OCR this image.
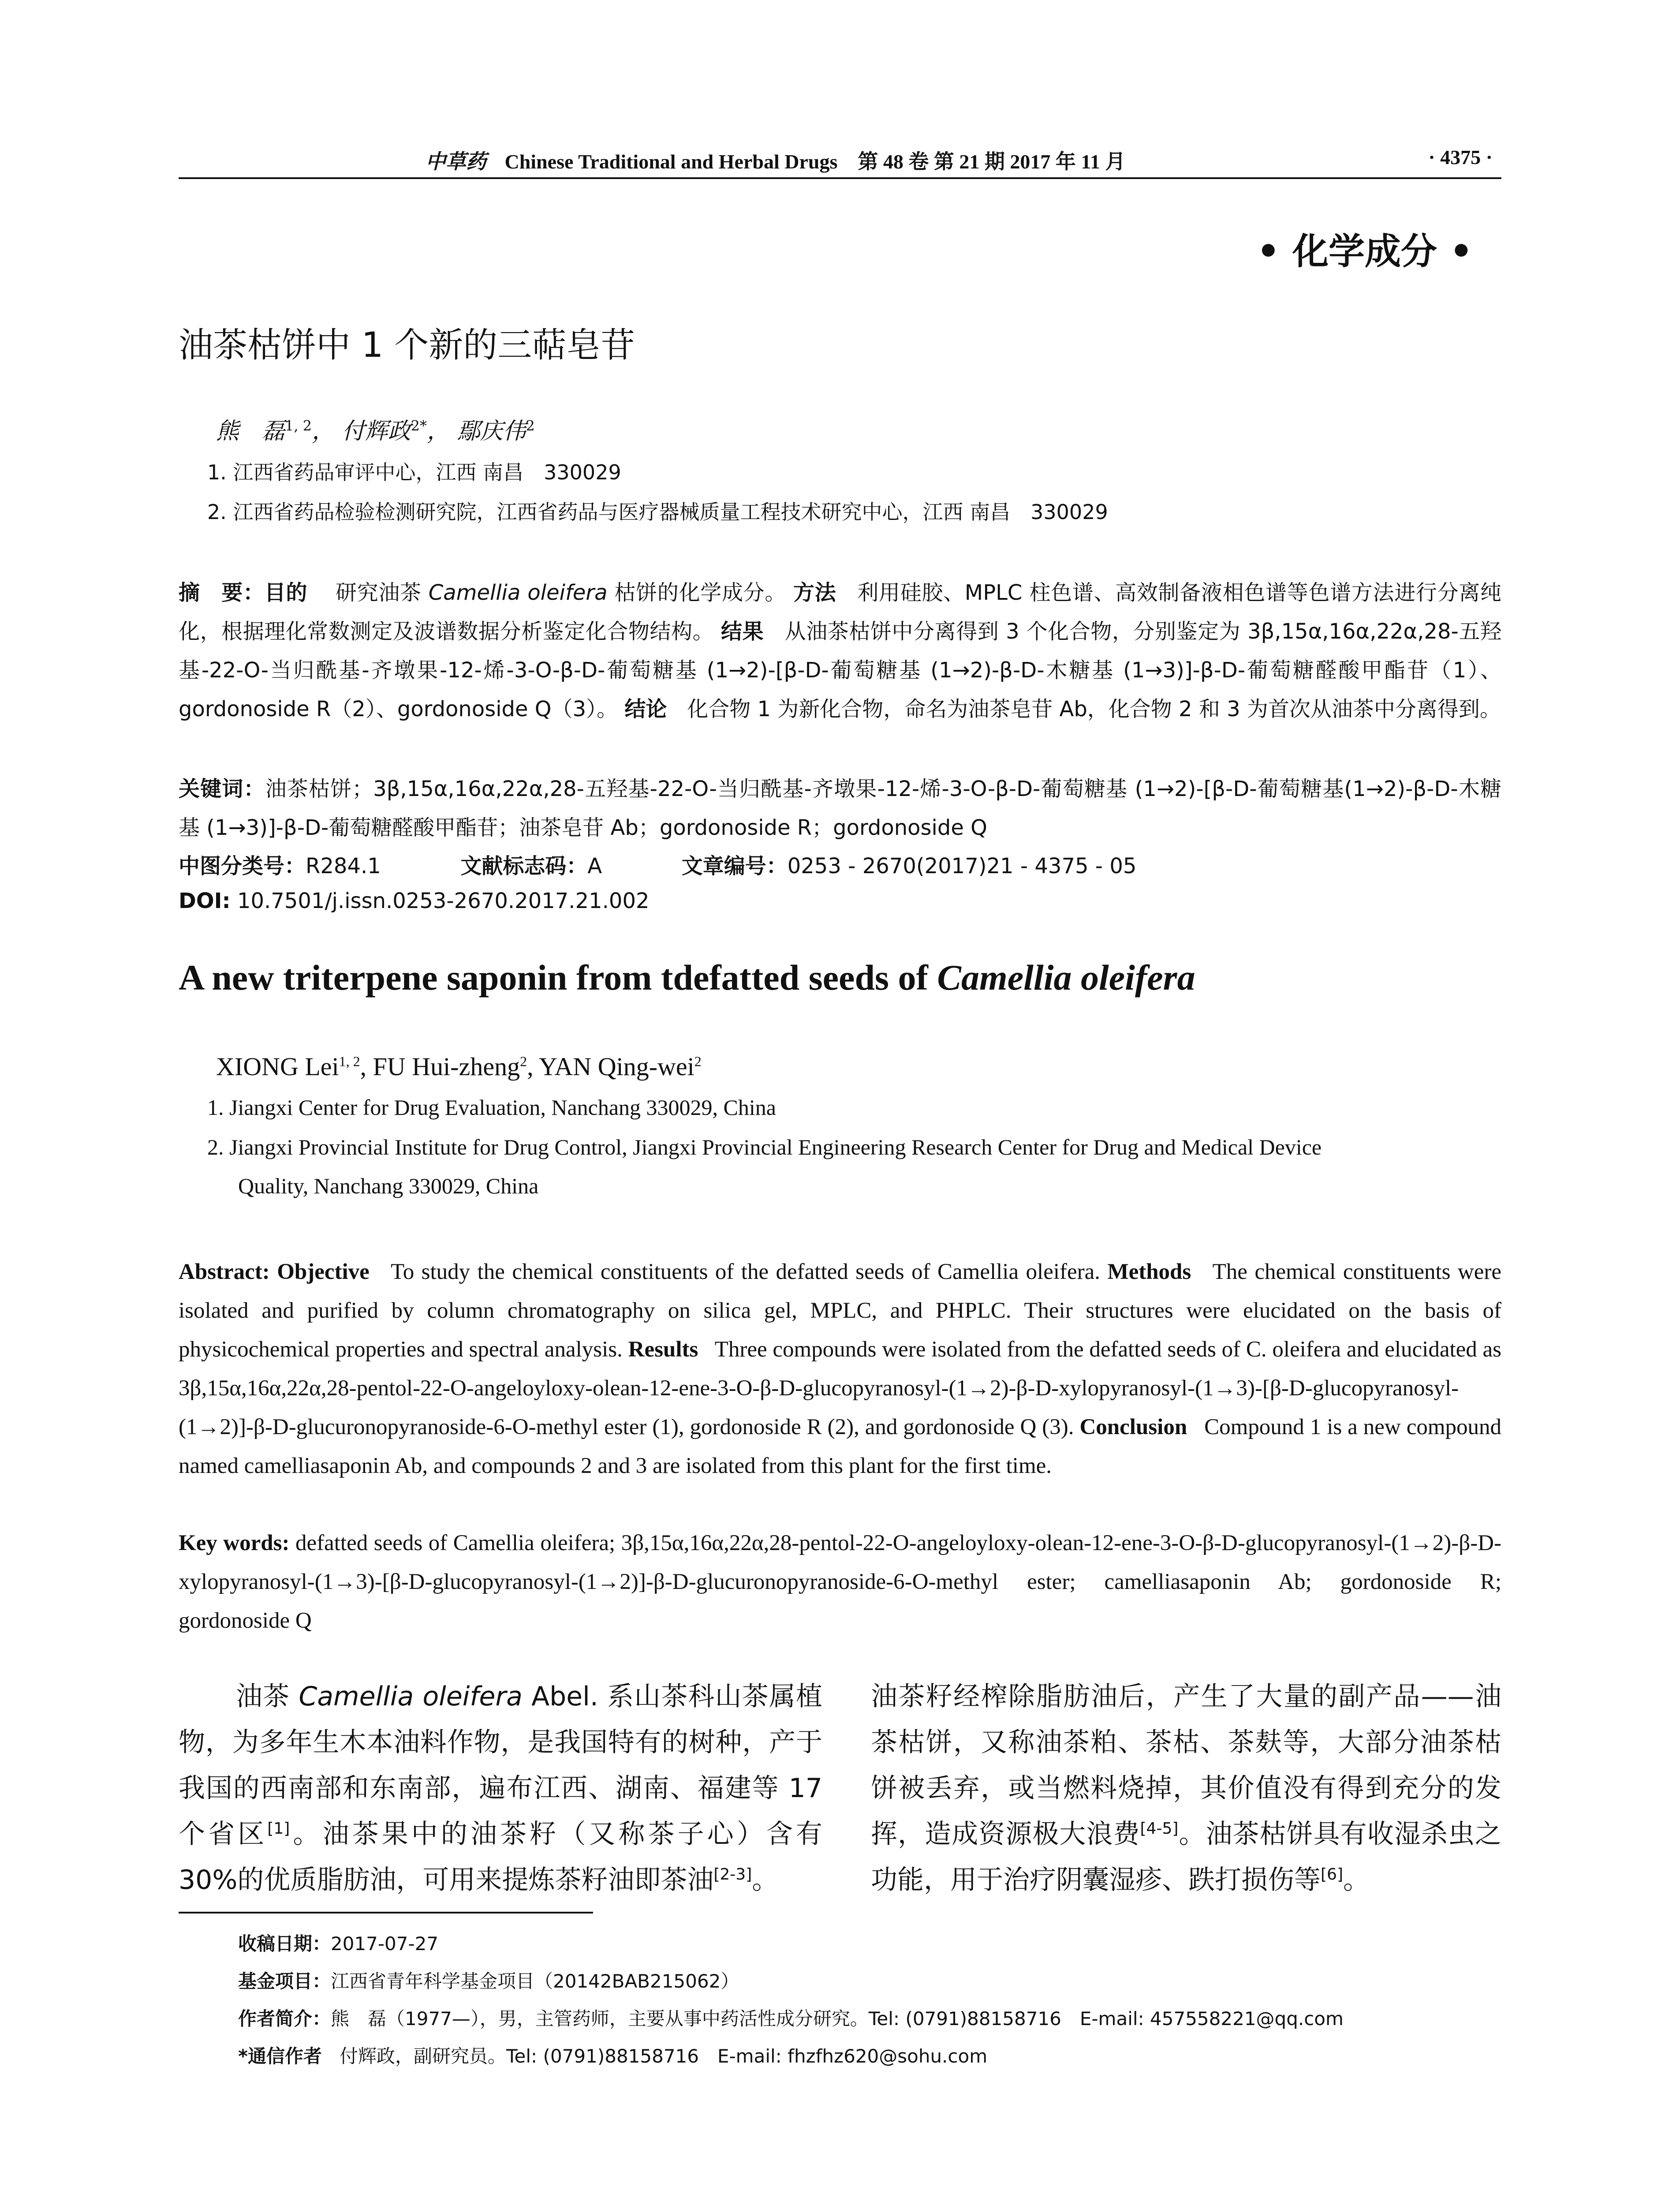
中草药 Chinese Traditional and Herbal Drugs 第 48 卷 第 21 期 2017 年 11 月	· 4375 ·
• 化学成分 •
油茶枯饼中 1 个新的三萜皂苷
熊　磊$^{1, 2}$， 付辉政$^{2*}$， 鄢庆伟$^2$
1. 江西省药品审评中心，江西 南昌　330029
2. 江西省药品检验检测研究院，江西省药品与医疗器械质量工程技术研究中心，江西 南昌　330029
摘　要：目的 研究油茶 Camellia oleifera 枯饼的化学成分。 方法 利用硅胶、MPLC 柱色谱、高效制备液相色谱等色谱方法进行分离纯化，根据理化常数测定及波谱数据分析鉴定化合物结构。 结果 从油茶枯饼中分离得到 3 个化合物，分别鉴定为 3β,15α,16α,22α,28-五羟基-22-O-当归酰基-齐墩果-12-烯-3-O-β-D-葡萄糖基 (1→2)-[β-D-葡萄糖基 (1→2)-β-D-木糖基 (1→3)]-β-D-葡萄糖醛酸甲酯苷（1）、gordonoside R（2）、gordonoside Q（3）。 结论 化合物 1 为新化合物，命名为油茶皂苷 Ab，化合物 2 和 3 为首次从油茶中分离得到。
关键词：油茶枯饼；3β,15α,16α,22α,28-五羟基-22-O-当归酰基-齐墩果-12-烯-3-O-β-D-葡萄糖基 (1→2)-[β-D-葡萄糖基(1→2)-β-D-木糖基 (1→3)]-β-D-葡萄糖醛酸甲酯苷；油茶皂苷 Ab；gordonoside R；gordonoside Q
中图分类号：R284.1	文献标志码：A	文章编号：0253 - 2670(2017)21 - 4375 - 05
DOI: 10.7501/j.issn.0253-2670.2017.21.002
A new triterpene saponin from tdefatted seeds of Camellia oleifera
XIONG Lei$^{1, 2}$, FU Hui-zheng$^2$, YAN Qing-wei$^2$
1. Jiangxi Center for Drug Evaluation, Nanchang 330029, China
2. Jiangxi Provincial Institute for Drug Control, Jiangxi Provincial Engineering Research Center for Drug and Medical Device
Quality, Nanchang 330029, China
Abstract: Objective To study the chemical constituents of the defatted seeds of Camellia oleifera. Methods The chemical constituents were isolated and purified by column chromatography on silica gel, MPLC, and PHPLC. Their structures were elucidated on the basis of physicochemical properties and spectral analysis. Results Three compounds were isolated from the defatted seeds of C. oleifera and elucidated as 3β,15α,16α,22α,28-pentol-22-O-angeloyloxy-olean-12-ene-3-O-β-D-glucopyranosyl-(1→2)-β-D-xylopyranosyl-(1→3)-[β-D-glucopyranosyl-(1→2)]-β-D-glucuronopyranoside-6-O-methyl ester (1), gordonoside R (2), and gordonoside Q (3). Conclusion Compound 1 is a new compound named camelliasaponin Ab, and compounds 2 and 3 are isolated from this plant for the first time.
Key words: defatted seeds of Camellia oleifera; 3β,15α,16α,22α,28-pentol-22-O-angeloyloxy-olean-12-ene-3-O-β-D-glucopyranosyl-(1→2)-β-D-xylopyranosyl-(1→3)-[β-D-glucopyranosyl-(1→2)]-β-D-glucuronopyranoside-6-O-methyl ester; camelliasaponin Ab; gordonoside R; gordonoside Q
油茶 Camellia oleifera Abel. 系山茶科山茶属植物，为多年生木本油料作物，是我国特有的树种，产于我国的西南部和东南部，遍布江西、湖南、福建等 17 个省区[1]。油茶果中的油茶籽（又称茶子心）含有 30%的优质脂肪油，可用来提炼茶籽油即茶油[2-3]。
油茶籽经榨除脂肪油后，产生了大量的副产品——油茶枯饼，又称油茶粕、茶枯、茶麸等，大部分油茶枯饼被丢弃，或当燃料烧掉，其价值没有得到充分的发挥，造成资源极大浪费[4-5]。油茶枯饼具有收湿杀虫之功能，用于治疗阴囊湿疹、跌打损伤等[6]。
收稿日期：2017-07-27
基金项目：江西省青年科学基金项目（20142BAB215062）
作者简介：熊　磊（1977—），男，主管药师，主要从事中药活性成分研究。Tel: (0791)88158716　E-mail: 457558221@qq.com
*通信作者 付辉政，副研究员。Tel: (0791)88158716　E-mail: fhzfhz620@sohu.com
